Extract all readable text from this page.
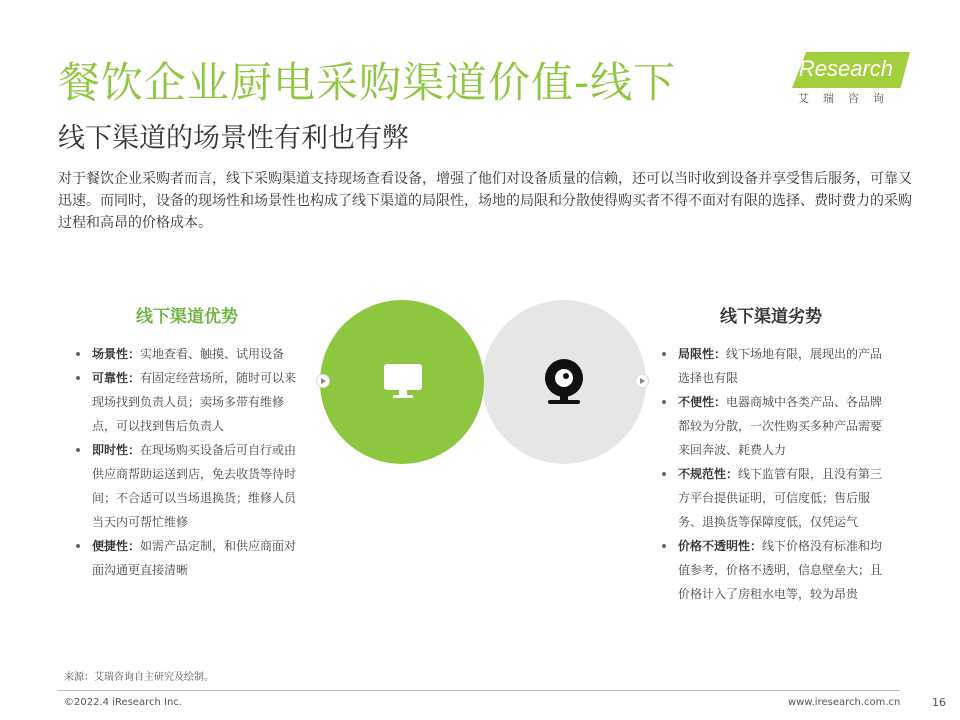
餐饮企业厨电采购渠道价值-线下
线下渠道的场景性有利也有弊
对于餐饮企业采购者而言，线下采购渠道支持现场查看设备，增强了他们对设备质量的信赖，还可以当时收到设备并享受售后服务，可靠又迅速。而同时，设备的现场性和场景性也构成了线下渠道的局限性，场地的局限和分散使得购买者不得不面对有限的选择、费时费力的采购过程和高昂的价格成本。
iResearch
艾瑞咨询
线下渠道优势
场景性：实地查看、触摸、试用设备
可靠性：有固定经营场所，随时可以来现场找到负责人员；卖场多带有维修点，可以找到售后负责人
即时性：在现场购买设备后可自行或由供应商帮助运送到店，免去收货等待时间；不合适可以当场退换货；维修人员当天内可帮忙维修
便捷性：如需产品定制，和供应商面对面沟通更直接清晰
线下渠道劣势
局限性：线下场地有限，展现出的产品选择也有限
不便性：电器商城中各类产品、各品牌都较为分散，一次性购买多种产品需要来回奔波、耗费人力
不规范性：线下监管有限，且没有第三方平台提供证明，可信度低；售后服务、退换货等保障度低，仅凭运气
价格不透明性：线下价格没有标准和均值参考，价格不透明，信息壁垒大；且价格计入了房租水电等，较为昂贵
来源：艾瑞咨询自主研究及绘制。
©2022.4 iResearch Inc.	www.iresearch.com.cn	16
